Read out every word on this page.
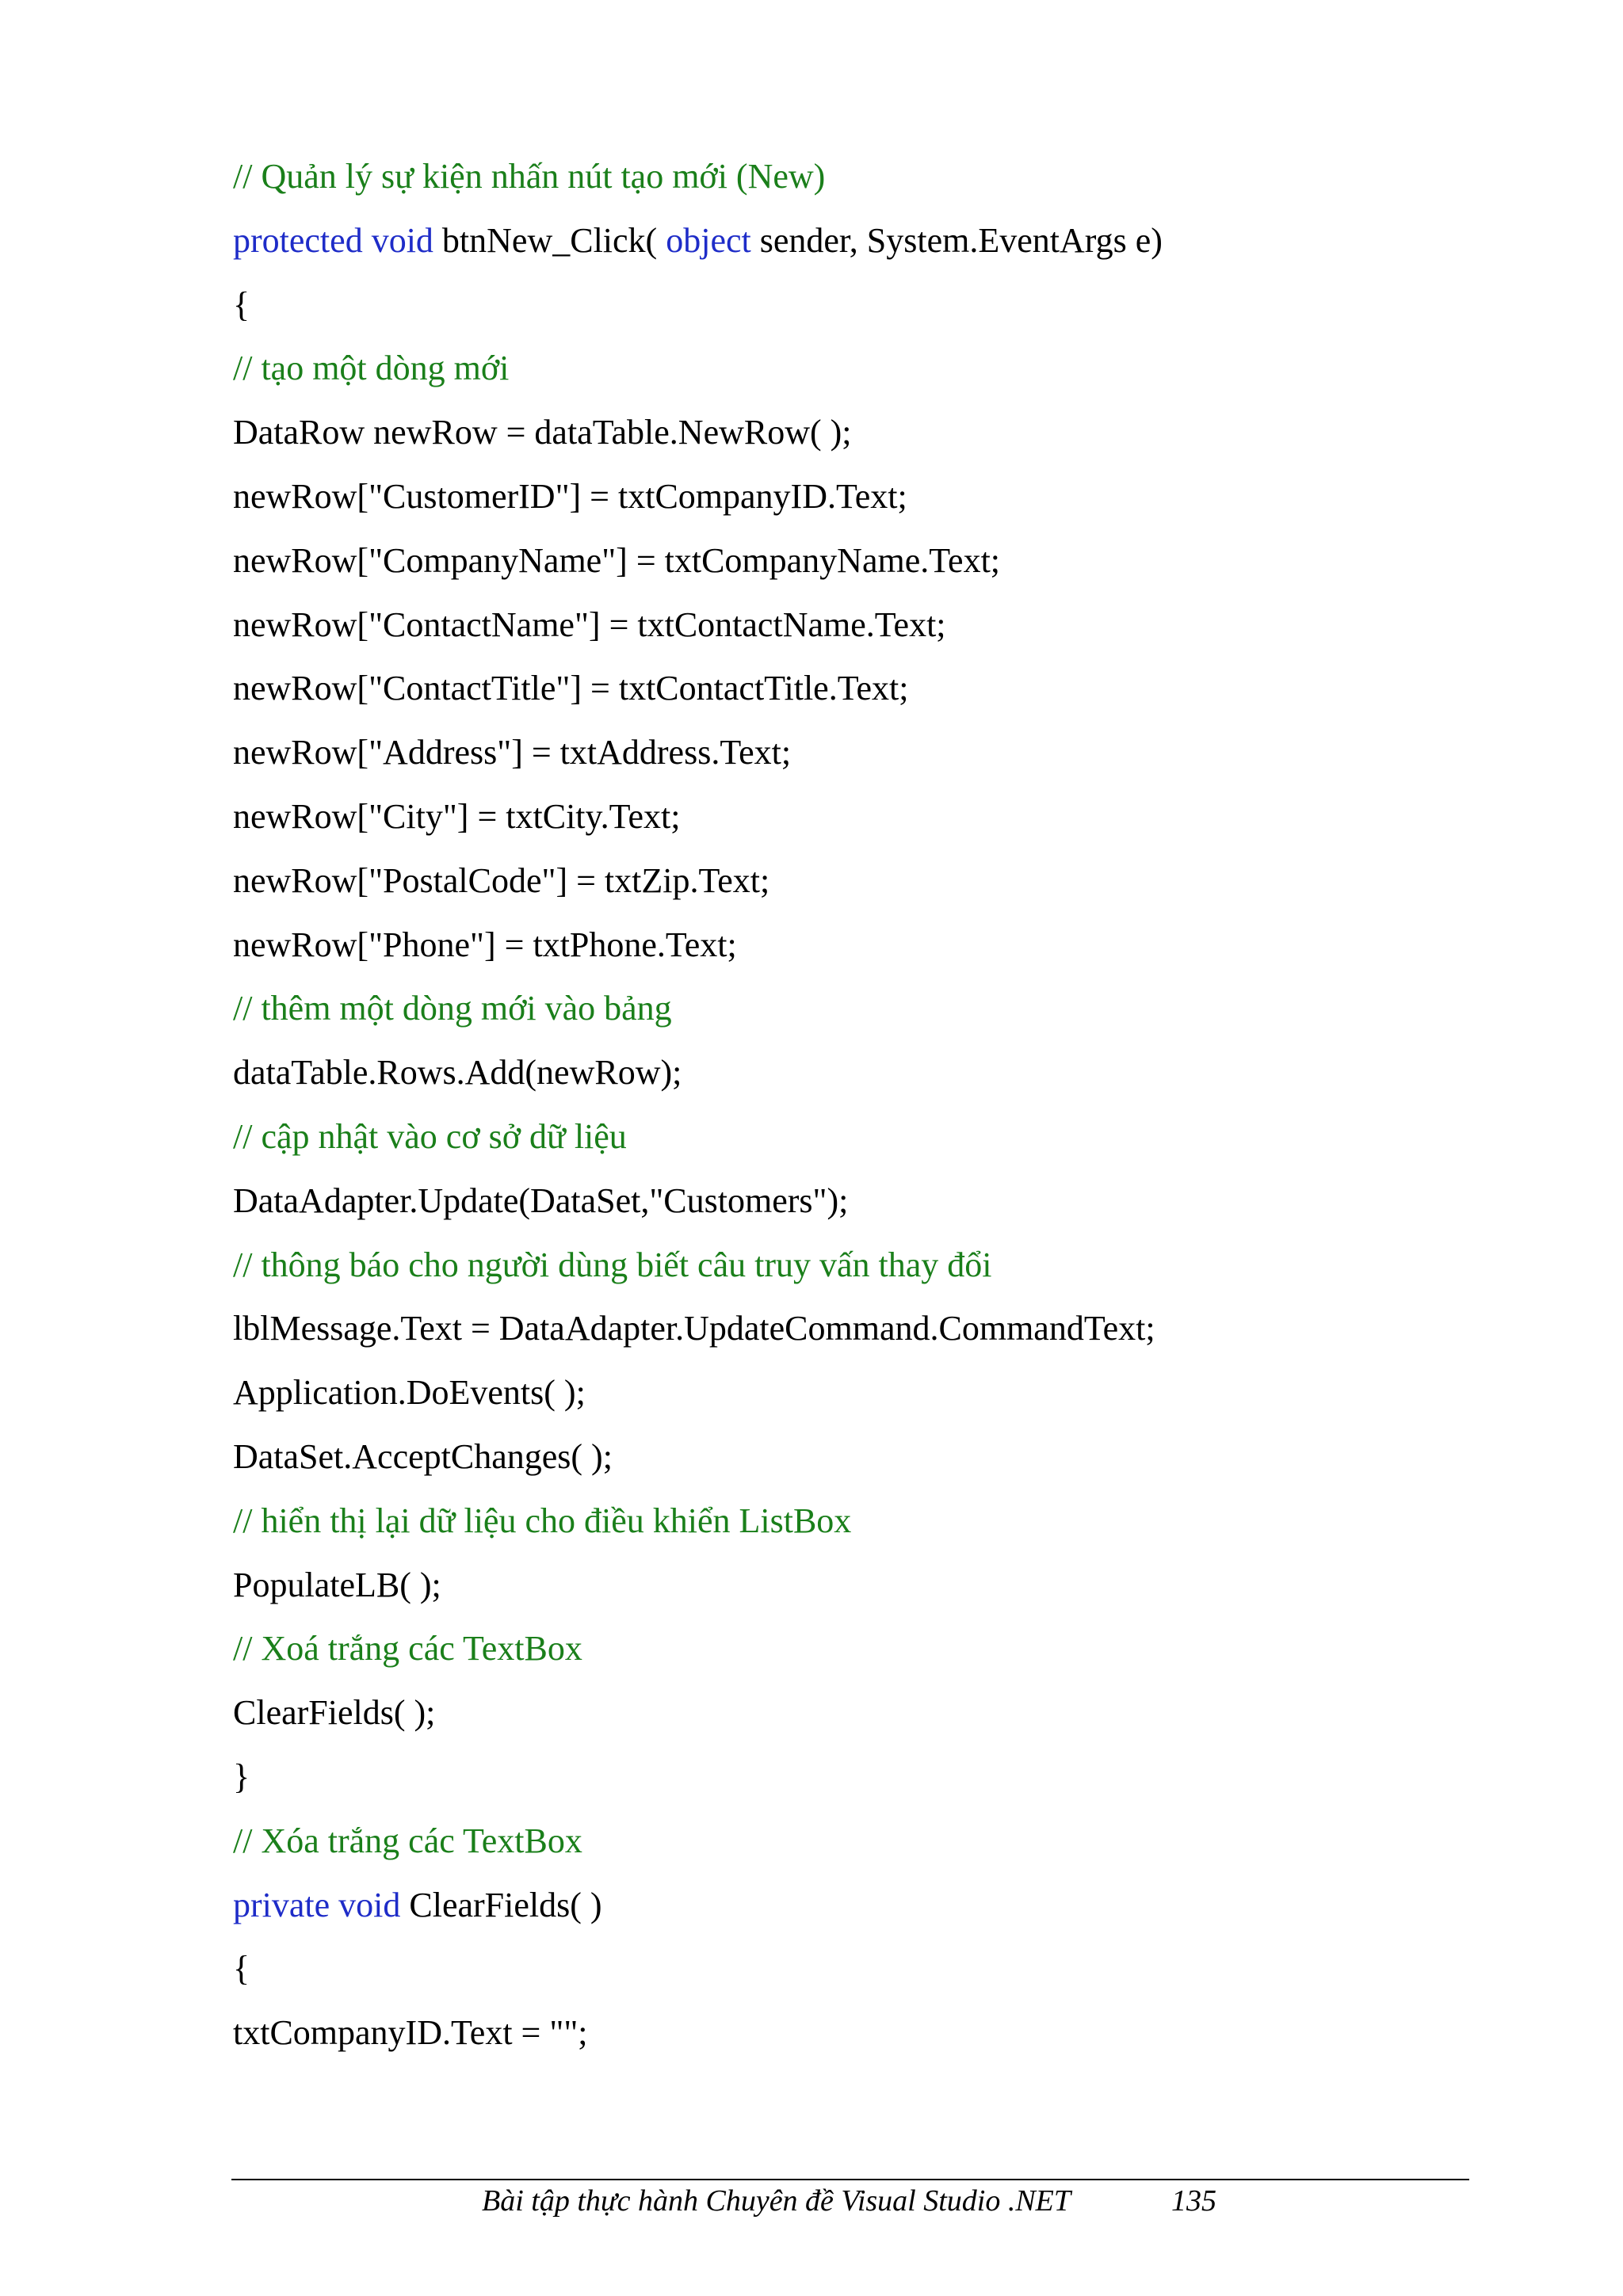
// Quản lý sự kiện nhấn nút tạo mới (New)
protected void btnNew_Click( object sender, System.EventArgs e)
{
// tạo một dòng mới
DataRow newRow = dataTable.NewRow( );
newRow["CustomerID"] = txtCompanyID.Text;
newRow["CompanyName"] = txtCompanyName.Text;
newRow["ContactName"] = txtContactName.Text;
newRow["ContactTitle"] = txtContactTitle.Text;
newRow["Address"] = txtAddress.Text;
newRow["City"] = txtCity.Text;
newRow["PostalCode"] = txtZip.Text;
newRow["Phone"] = txtPhone.Text;
// thêm một dòng mới vào bảng
dataTable.Rows.Add(newRow);
// cập nhật vào cơ sở dữ liệu
DataAdapter.Update(DataSet,"Customers");
// thông báo cho người dùng biết câu truy vấn thay đổi
lblMessage.Text = DataAdapter.UpdateCommand.CommandText;
Application.DoEvents( );
DataSet.AcceptChanges( );
// hiển thị lại dữ liệu cho điều khiển ListBox
PopulateLB( );
// Xoá trắng các TextBox
ClearFields( );
}
// Xóa trắng các TextBox
private void ClearFields( )
{
txtCompanyID.Text = "";
Bài tập thực hành Chuyên đề Visual Studio .NET	135
